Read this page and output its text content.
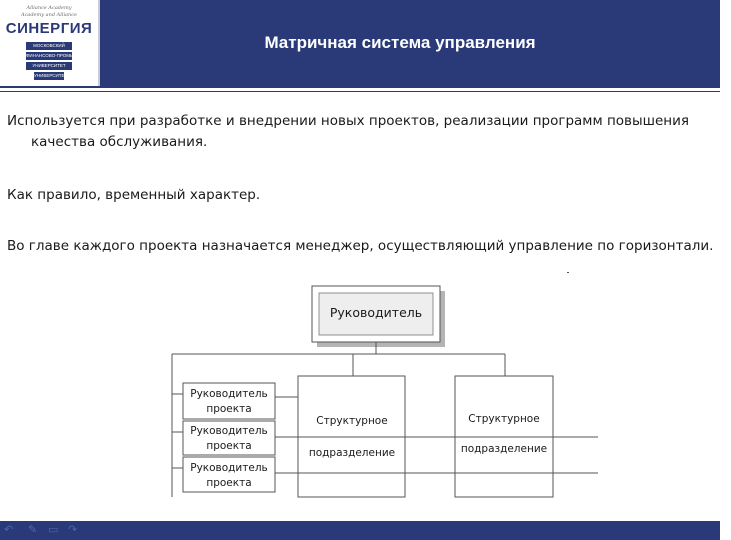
Alliance Academy
Academy and Alliance
СИНЕРГИЯ
МОСКОВСКИЙ
ФИНАНСОВО-ПРОМЫШЛЕННЫЙ
УНИВЕРСИТЕТ
УНИВЕРСИТЕТ
Матричная система управления
Используется при разработке и внедрении новых проектов, реализации программ повышения качества обслуживания.
Как правило, временный характер.
Во главе каждого проекта назначается менеджер, осуществляющий управление по горизонтали.
Руководитель
Руководитель
проекта
Руководитель
проекта
Руководитель
проекта
Структурное
подразделение
Структурное
подразделение
↶ ✎ ▭ ↷
